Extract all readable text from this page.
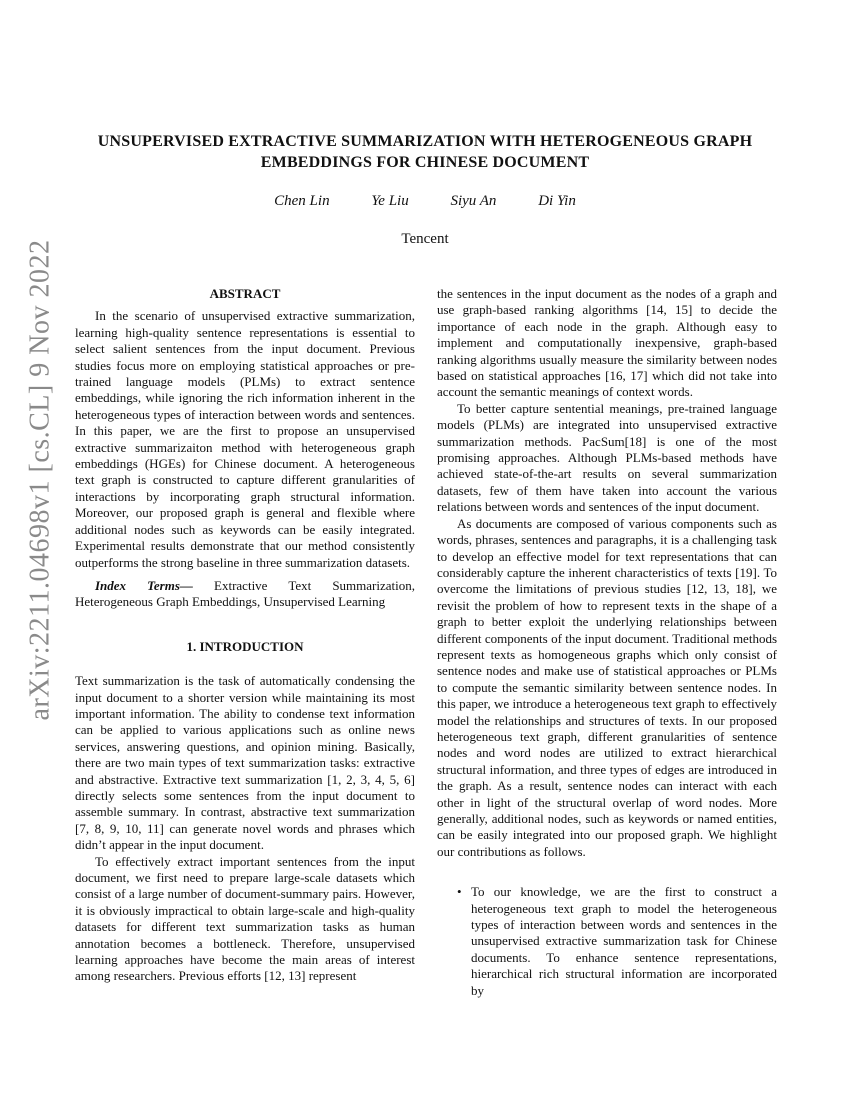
arXiv:2211.04698v1 [cs.CL] 9 Nov 2022
UNSUPERVISED EXTRACTIVE SUMMARIZATION WITH HETEROGENEOUS GRAPH EMBEDDINGS FOR CHINESE DOCUMENT
Chen Lin	Ye Liu	Siyu An	Di Yin
Tencent
ABSTRACT

In the scenario of unsupervised extractive summarization, learning high-quality sentence representations is essential to select salient sentences from the input document. Previous studies focus more on employing statistical approaches or pre-trained language models (PLMs) to extract sentence embeddings, while ignoring the rich information inherent in the heterogeneous types of interaction between words and sentences. In this paper, we are the first to propose an unsupervised extractive summarizaiton method with heterogeneous graph embeddings (HGEs) for Chinese document. A heterogeneous text graph is constructed to capture different granularities of interactions by incorporating graph structural information. Moreover, our proposed graph is general and flexible where additional nodes such as keywords can be easily integrated. Experimental results demonstrate that our method consistently outperforms the strong baseline in three summarization datasets.

Index Terms— Extractive Text Summarization, Heterogeneous Graph Embeddings, Unsupervised Learning

1. INTRODUCTION

Text summarization is the task of automatically condensing the input document to a shorter version while maintaining its most important information. The ability to condense text information can be applied to various applications such as online news services, answering questions, and opinion mining. Basically, there are two main types of text summarization tasks: extractive and abstractive. Extractive text summarization [1, 2, 3, 4, 5, 6] directly selects some sentences from the input document to assemble summary. In contrast, abstractive text summarization [7, 8, 9, 10, 11] can generate novel words and phrases which didn’t appear in the input document.

To effectively extract important sentences from the input document, we first need to prepare large-scale datasets which consist of a large number of document-summary pairs. However, it is obviously impractical to obtain large-scale and high-quality datasets for different text summarization tasks as human annotation becomes a bottleneck. Therefore, unsupervised learning approaches have become the main areas of interest among researchers. Previous efforts [12, 13] represent

the sentences in the input document as the nodes of a graph and use graph-based ranking algorithms [14, 15] to decide the importance of each node in the graph. Although easy to implement and computationally inexpensive, graph-based ranking algorithms usually measure the similarity between nodes based on statistical approaches [16, 17] which did not take into account the semantic meanings of context words.

To better capture sentential meanings, pre-trained language models (PLMs) are integrated into unsupervised extractive summarization methods. PacSum[18] is one of the most promising approaches. Although PLMs-based methods have achieved state-of-the-art results on several summarization datasets, few of them have taken into account the various relations between words and sentences of the input document.

As documents are composed of various components such as words, phrases, sentences and paragraphs, it is a challenging task to develop an effective model for text representations that can considerably capture the inherent characteristics of texts [19]. To overcome the limitations of previous studies [12, 13, 18], we revisit the problem of how to represent texts in the shape of a graph to better exploit the underlying relationships between different components of the input document. Traditional methods represent texts as homogeneous graphs which only consist of sentence nodes and make use of statistical approaches or PLMs to compute the semantic similarity between sentence nodes. In this paper, we introduce a heterogeneous text graph to effectively model the relationships and structures of texts. In our proposed heterogeneous text graph, different granularities of sentence nodes and word nodes are utilized to extract hierarchical structural information, and three types of edges are introduced in the graph. As a result, sentence nodes can interact with each other in light of the structural overlap of word nodes. More generally, additional nodes, such as keywords or named entities, can be easily integrated into our proposed graph. We highlight our contributions as follows.

• To our knowledge, we are the first to construct a heterogeneous text graph to model the heterogeneous types of interaction between words and sentences in the unsupervised extractive summarization task for Chinese documents. To enhance sentence representations, hierarchical rich structural information are incorporated by
